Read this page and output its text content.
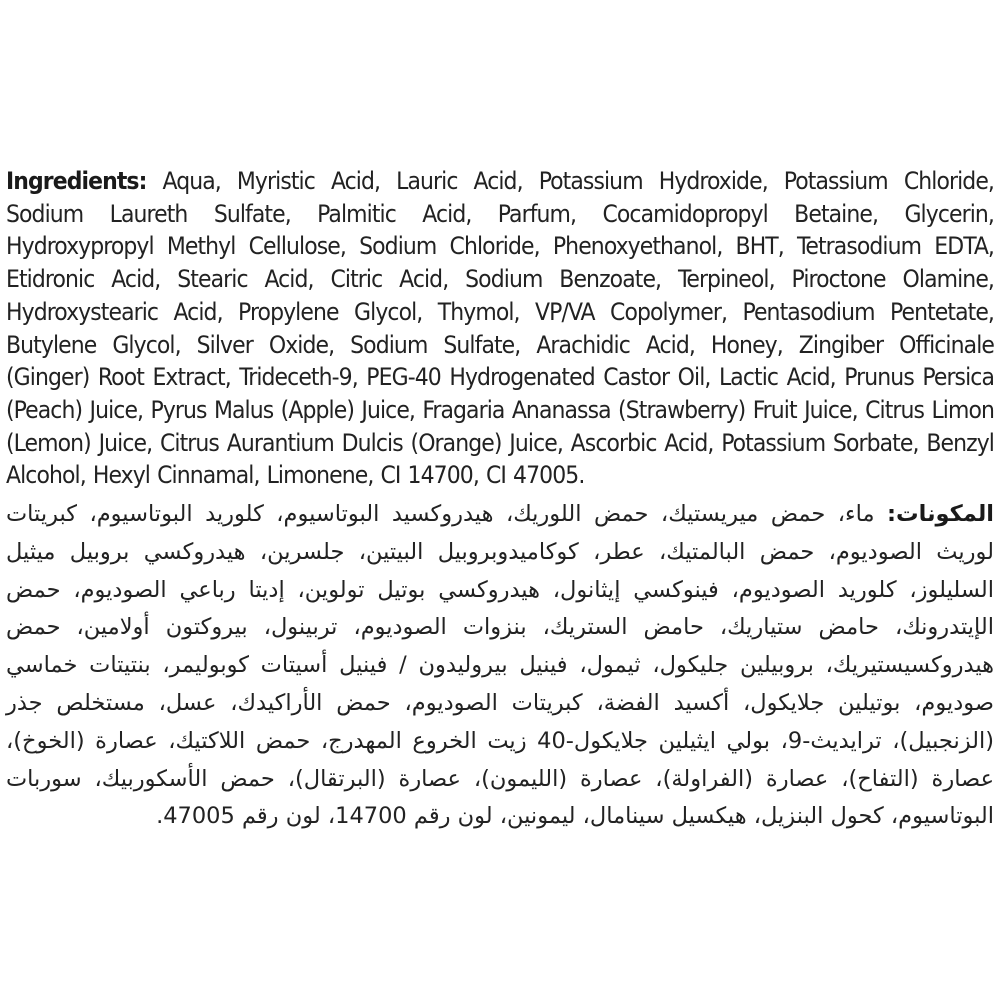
Ingredients: Aqua, Myristic Acid, Lauric Acid, Potassium Hydroxide, Potassium Chloride, Sodium Laureth Sulfate, Palmitic Acid, Parfum, Cocamidopropyl Betaine, Glycerin, Hydroxypropyl Methyl Cellulose, Sodium Chloride, Phenoxyethanol, BHT, Tetrasodium EDTA, Etidronic Acid, Stearic Acid, Citric Acid, Sodium Benzoate, Terpineol, Piroctone Olamine, Hydroxystearic Acid, Propylene Glycol, Thymol, VP/VA Copolymer, Pentasodium Pentetate, Butylene Glycol, Silver Oxide, Sodium Sulfate, Arachidic Acid, Honey, Zingiber Officinale (Ginger) Root Extract, Trideceth-9, PEG-40 Hydrogenated Castor Oil, Lactic Acid, Prunus Persica (Peach) Juice, Pyrus Malus (Apple) Juice, Fragaria Ananassa (Strawberry) Fruit Juice, Citrus Limon (Lemon) Juice, Citrus Aurantium Dulcis (Orange) Juice, Ascorbic Acid, Potassium Sorbate, Benzyl Alcohol, Hexyl Cinnamal, Limonene, CI 14700, CI 47005.

المكونات: ماء، حمض ميريستيك، حمض اللوريك، هيدروكسيد البوتاسيوم، كلوريد البوتاسيوم، كبريتات لوريث الصوديوم، حمض البالمتيك، عطر، كوكاميدوبروبيل البيتين، جلسرين، هيدروكسي بروبيل ميثيل السليلوز، كلوريد الصوديوم، فينوكسي إيثانول، هيدروكسي بوتيل تولوين، إديتا رباعي الصوديوم، حمض الإيتدرونك، حامض ستياريك، حامض الستريك، بنزوات الصوديوم، تربينول، بيروكتون أولامين، حمض هيدروكسيستيريك، بروبيلين جليكول، ثيمول، فينيل بيروليدون / فينيل أسيتات كوبوليمر، بنتيتات خماسي صوديوم، بوتيلين جلايكول، أكسيد الفضة، كبريتات الصوديوم، حمض الأراكيدك، عسل، مستخلص جذر (الزنجبيل)، ترايديث-9، بولي ايثيلين جلايكول-40 زيت الخروع المهدرج، حمض اللاكتيك، عصارة (الخوخ)، عصارة (التفاح)، عصارة (الفراولة)، عصارة (الليمون)، عصارة (البرتقال)، حمض الأسكوربيك، سوربات البوتاسيوم، كحول البنزيل، هيكسيل سينامال، ليمونين، لون رقم 14700، لون رقم 47005.
